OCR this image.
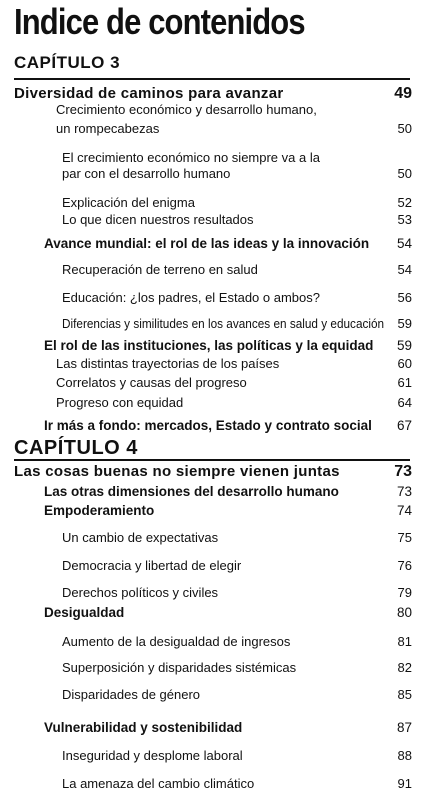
Indice de contenidos
CAPÍTULO 3
Diversidad de caminos para avanzar	49
Crecimiento económico y desarrollo humano,
un rompecabezas	50
El crecimiento económico no siempre va a la
par con el desarrollo humano	50
Explicación del enigma	52
Lo que dicen nuestros resultados	53
Avance mundial: el rol de las ideas y la innovación 54
Recuperación de terreno en salud	54
Educación: ¿los padres, el Estado o ambos?	56
Diferencias y similitudes en los avances en salud y educación 59
El rol de las instituciones, las políticas y la equidad 59
Las distintas trayectorias de los países	60
Correlatos y causas del progreso	61
Progreso con equidad	64
Ir más a fondo: mercados, Estado y contrato social 67
CAPÍTULO 4
Las cosas buenas no siempre vienen juntas	73
Las otras dimensiones del desarrollo humano	73
Empoderamiento	74
Un cambio de expectativas	75
Democracia y libertad de elegir	76
Derechos políticos y civiles	79
Desigualdad	80
Aumento de la desigualdad de ingresos	81
Superposición y disparidades sistémicas	82
Disparidades de género	85
Vulnerabilidad y sostenibilidad	87
Inseguridad y desplome laboral	88
La amenaza del cambio climático	91
